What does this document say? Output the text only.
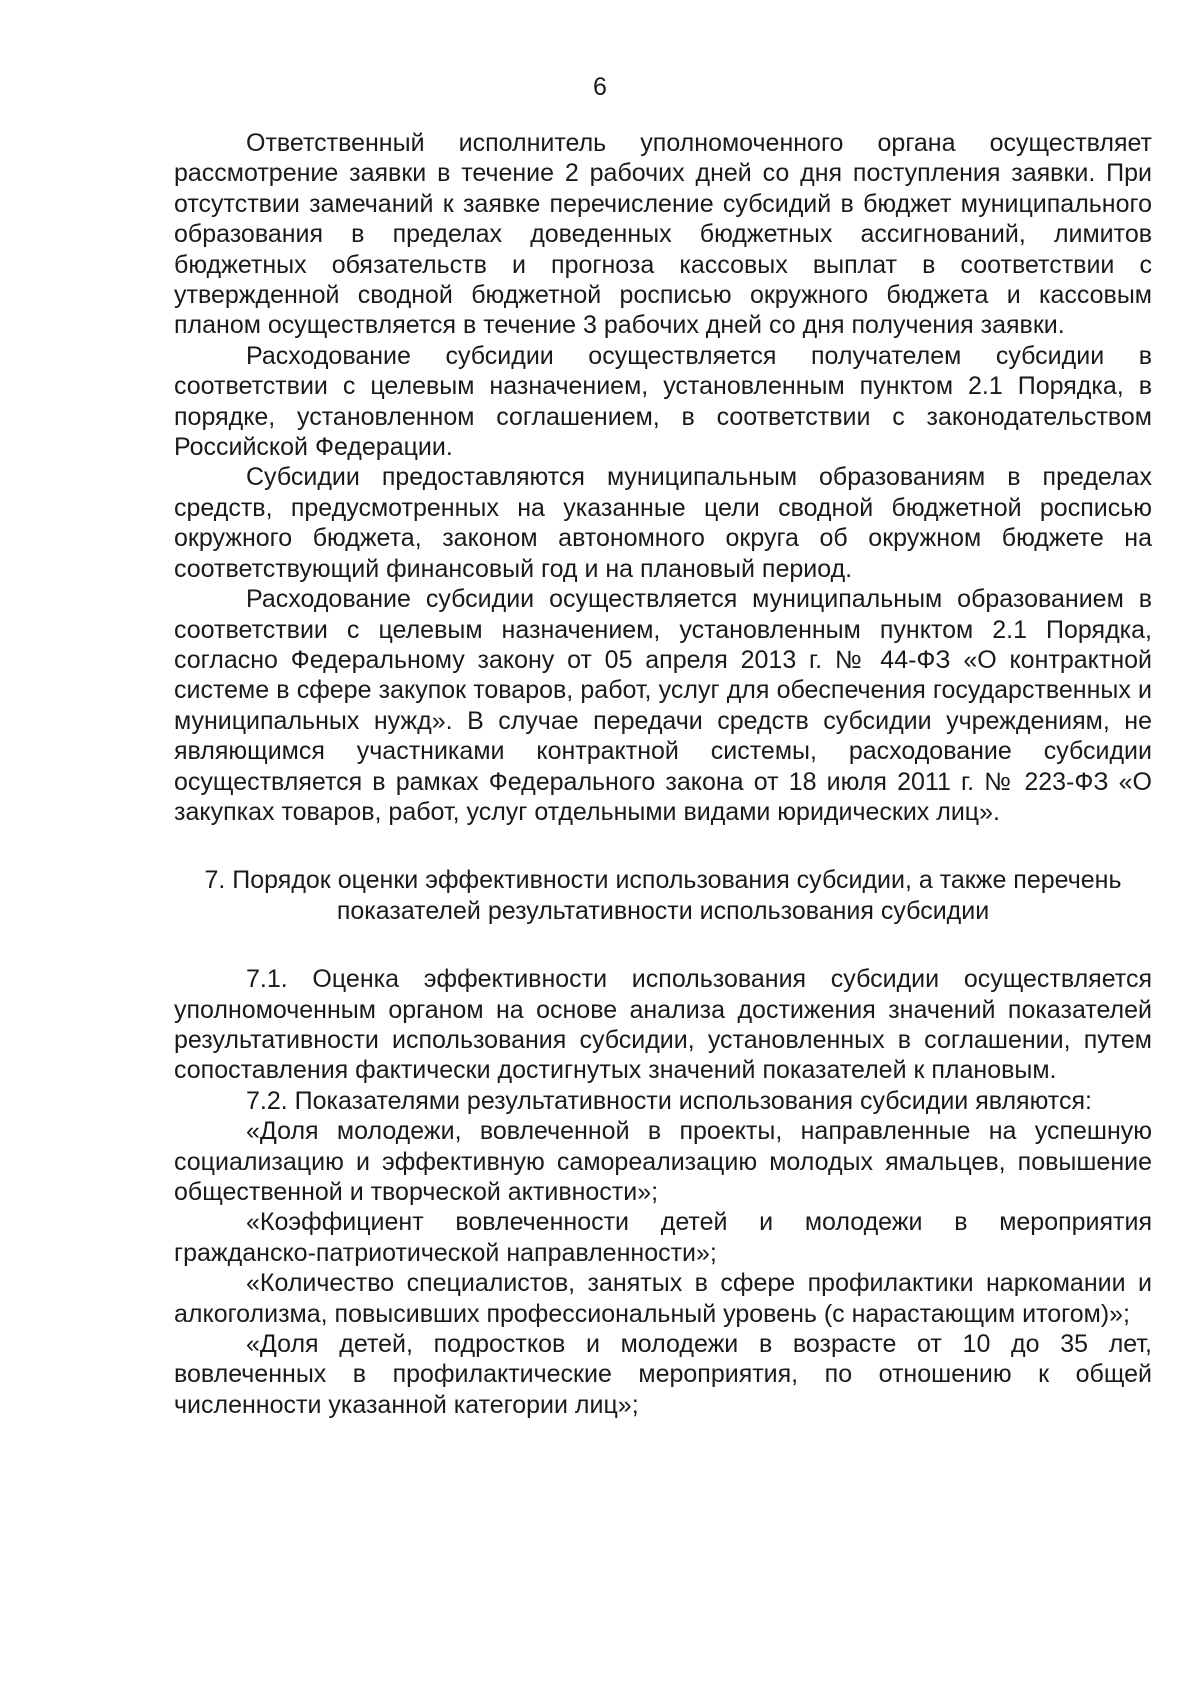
6

Ответственный исполнитель уполномоченного органа осуществляет рассмотрение заявки в течение 2 рабочих дней со дня поступления заявки. При отсутствии замечаний к заявке перечисление субсидий в бюджет муниципального образования в пределах доведенных бюджетных ассигнований, лимитов бюджетных обязательств и прогноза кассовых выплат в соответствии с утвержденной сводной бюджетной росписью окружного бюджета и кассовым планом осуществляется в течение 3 рабочих дней со дня получения заявки.

Расходование субсидии осуществляется получателем субсидии в соответствии с целевым назначением, установленным пунктом 2.1 Порядка, в порядке, установленном соглашением, в соответствии с законодательством Российской Федерации.

Субсидии предоставляются муниципальным образованиям в пределах средств, предусмотренных на указанные цели сводной бюджетной росписью окружного бюджета, законом автономного округа об окружном бюджете на соответствующий финансовый год и на плановый период.

Расходование субсидии осуществляется муниципальным образованием в соответствии с целевым назначением, установленным пунктом 2.1 Порядка, согласно Федеральному закону от 05 апреля 2013 г. № 44-ФЗ «О контрактной системе в сфере закупок товаров, работ, услуг для обеспечения государственных и муниципальных нужд». В случае передачи средств субсидии учреждениям, не являющимся участниками контрактной системы, расходование субсидии осуществляется в рамках Федерального закона от 18 июля 2011 г. № 223-ФЗ «О закупках товаров, работ, услуг отдельными видами юридических лиц».

7. Порядок оценки эффективности использования субсидии, а также перечень
показателей результативности использования субсидии

7.1. Оценка эффективности использования субсидии осуществляется уполномоченным органом на основе анализа достижения значений показателей результативности использования субсидии, установленных в соглашении, путем сопоставления фактически достигнутых значений показателей к плановым.

7.2. Показателями результативности использования субсидии являются:

«Доля молодежи, вовлеченной в проекты, направленные на успешную социализацию и эффективную самореализацию молодых ямальцев, повышение общественной и творческой активности»;

«Коэффициент вовлеченности детей и молодежи в мероприятия гражданско-патриотической направленности»;

«Количество специалистов, занятых в сфере профилактики наркомании и алкоголизма, повысивших профессиональный уровень (с нарастающим итогом)»;

«Доля детей, подростков и молодежи в возрасте от 10 до 35 лет, вовлеченных в профилактические мероприятия, по отношению к общей численности указанной категории лиц»;
